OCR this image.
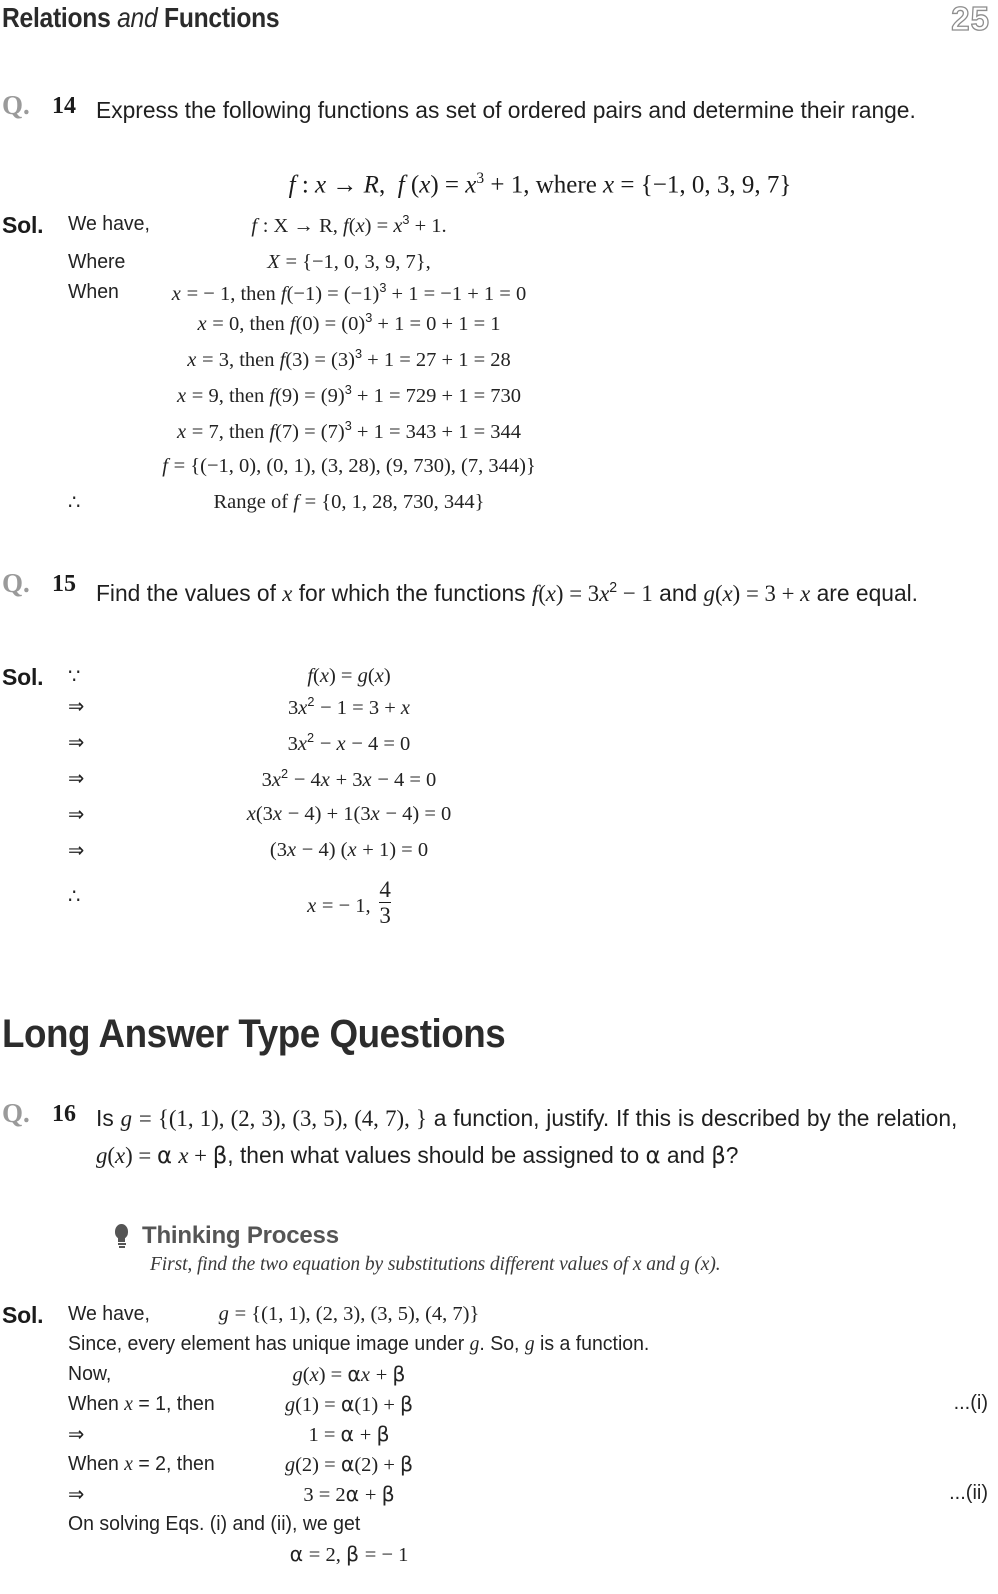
Relations and Functions	25
Q. 14 Express the following functions as set of ordered pairs and determine their range.
f : x → R, f $(x) = x^3 + 1$, where x = {−1, 0, 3, 9, 7}
Sol. We have,	f : X → R, $f(x) = x^3 + 1$.
Where	X = {−1, 0, 3, 9, 7},
When	x = − 1, then $f(-1) = (-1)^3 + 1 = -1 + 1 = 0$
x = 0, then $f(0) = (0)^3 + 1 = 0 + 1 = 1$
x = 3, then $f(3) = (3)^3 + 1 = 27 + 1 = 28$
x = 9, then $f(9) = (9)^3 + 1 = 729 + 1 = 730$
x = 7, then $f(7) = (7)^3 + 1 = 343 + 1 = 344$
f = {(−1, 0), (0, 1), (3, 28), (9, 730), (7, 344)}
∴	Range of f = {0, 1, 28, 730, 344}
Q. 15 Find the values of x for which the functions $f(x) = 3x^2 - 1$ and g(x) = 3 + x are equal.
Sol. ∵	f(x) = g(x)
⇒	$3x^2 - 1 = 3 + x$
⇒	$3x^2 - x - 4 = 0$
⇒	$3x^2 - 4x + 3x - 4 = 0$
⇒	x(3x − 4) + 1(3x − 4) = 0
⇒	(3x − 4) (x + 1) = 0
∴	x = − 1, $\frac{4}{3}$
Long Answer Type Questions
Q. 16 Is g = {(1, 1), (2, 3), (3, 5), (4, 7), } a function, justify. If this is described by the relation, g(x) = α x + β, then what values should be assigned to α and β?
Thinking Process
First, find the two equation by substitutions different values of x and g (x).
Sol. We have,	g = {(1, 1), (2, 3), (3, 5), (4, 7)}
Since, every element has unique image under g. So, g is a function.
Now,	g(x) = αx + β
When x = 1, then	g(1) = α(1) + β	...(i)
⇒	1 = α + β
When x = 2, then	g(2) = α(2) + β
⇒	3 = 2α + β	...(ii)
On solving Eqs. (i) and (ii), we get
α = 2, β = − 1
